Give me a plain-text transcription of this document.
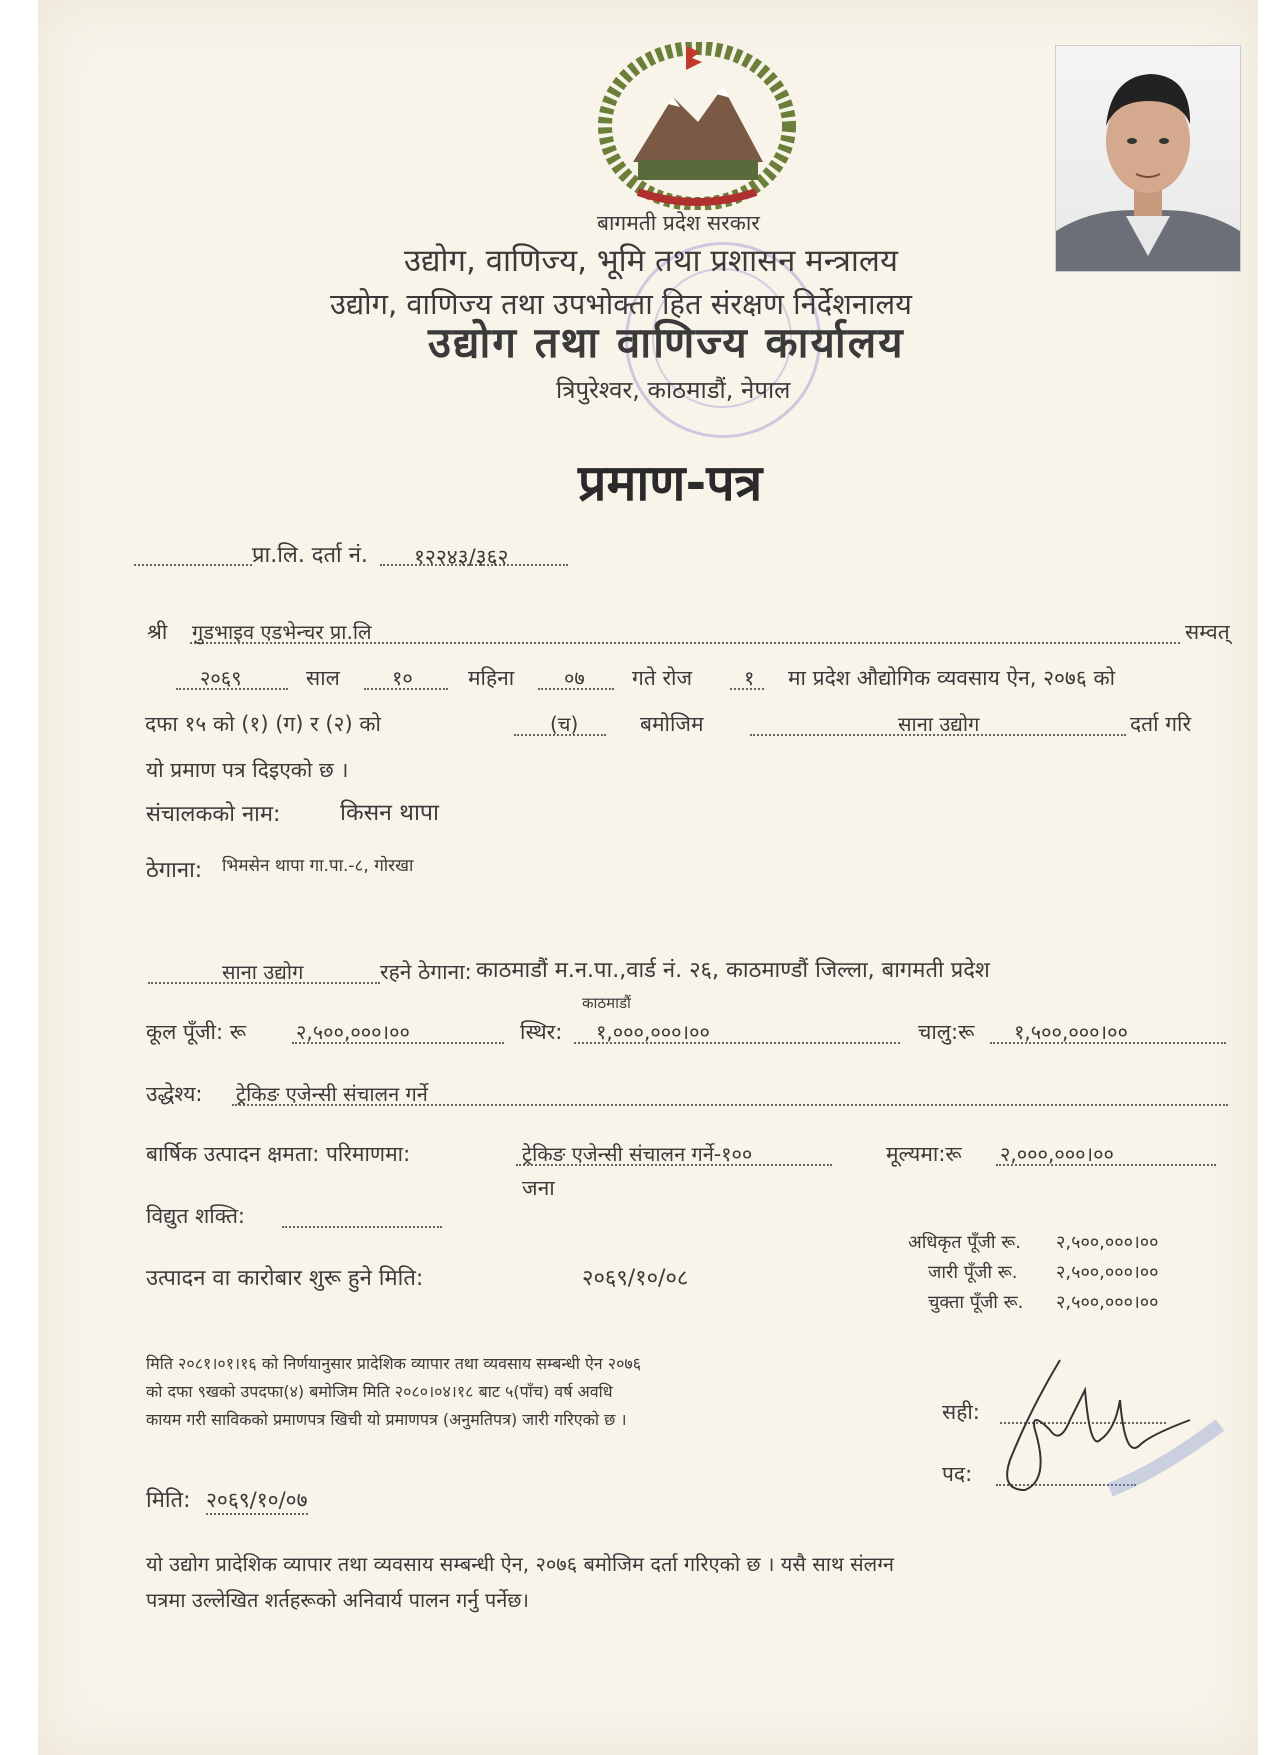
बागमती प्रदेश सरकार
उद्योग, वाणिज्य, भूमि तथा प्रशासन मन्त्रालय
उद्योग, वाणिज्य तथा उपभोक्ता हित संरक्षण निर्देशनालय
उद्योग तथा वाणिज्य कार्यालय
त्रिपुरेश्वर, काठमाडौं, नेपाल
प्रमाण-पत्र
प्रा.लि. दर्ता नं. १२२४३/३६२
श्री गुडभाइव एडभेन्चर प्रा.लि	सम्वत्
२०६९	साल	१०	महिना ०७ गते रोज	१ मा प्रदेश औद्योगिक व्यवसाय ऐन, २०७६ को
दफा १५ को (१) (ग) र (२) को	(च)	बमोजिम	साना उद्योग	दर्ता गरि
यो प्रमाण पत्र दिइएको छ ।
संचालकको नाम:	किसन थापा
ठेगाना: भिमसेन थापा गा.पा.-८, गोरखा
साना उद्योग	रहने ठेगाना: काठमाडौं म.न.पा.,वार्ड नं. २६, काठमाण्डौं जिल्ला, बागमती प्रदेश
काठमाडौं
कूल पूँजी: रू २,५००,०००।००	स्थिर: १,०००,०००।००	चालु:रू १,५००,०००।००
उद्धेश्य: ट्रेकिङ एजेन्सी संचालन गर्ने
बार्षिक उत्पादन क्षमता: परिमाणमा:	ट्रेकिङ एजेन्सी संचालन गर्ने-१००
जना
मूल्यमा:रू २,०००,०००।००
विद्युत शक्ति:
अधिकृत पूँजी रू. २,५००,०००।००
जारी पूँजी रू. २,५००,०००।००
चुक्ता पूँजी रू. २,५००,०००।००
उत्पादन वा कारोबार शुरू हुने मिति:	२०६९/१०/०८
मिति २०८१।०१।१६ को निर्णयानुसार प्रादेशिक व्यापार तथा व्यवसाय सम्बन्धी ऐन २०७६
को दफा ९खको उपदफा(४) बमोजिम मिति २०८०।०४।१८ बाट ५(पाँच) वर्ष अवधि
कायम गरी साविकको प्रमाणपत्र खिची यो प्रमाणपत्र (अनुमतिपत्र) जारी गरिएको छ ।	सही:
पद:
मिति: २०६९/१०/०७
यो उद्योग प्रादेशिक व्यापार तथा व्यवसाय सम्बन्धी ऐन, २०७६ बमोजिम दर्ता गरिएको छ । यसै साथ संलग्न
पत्रमा उल्लेखित शर्तहरूको अनिवार्य पालन गर्नु पर्नेछ।
